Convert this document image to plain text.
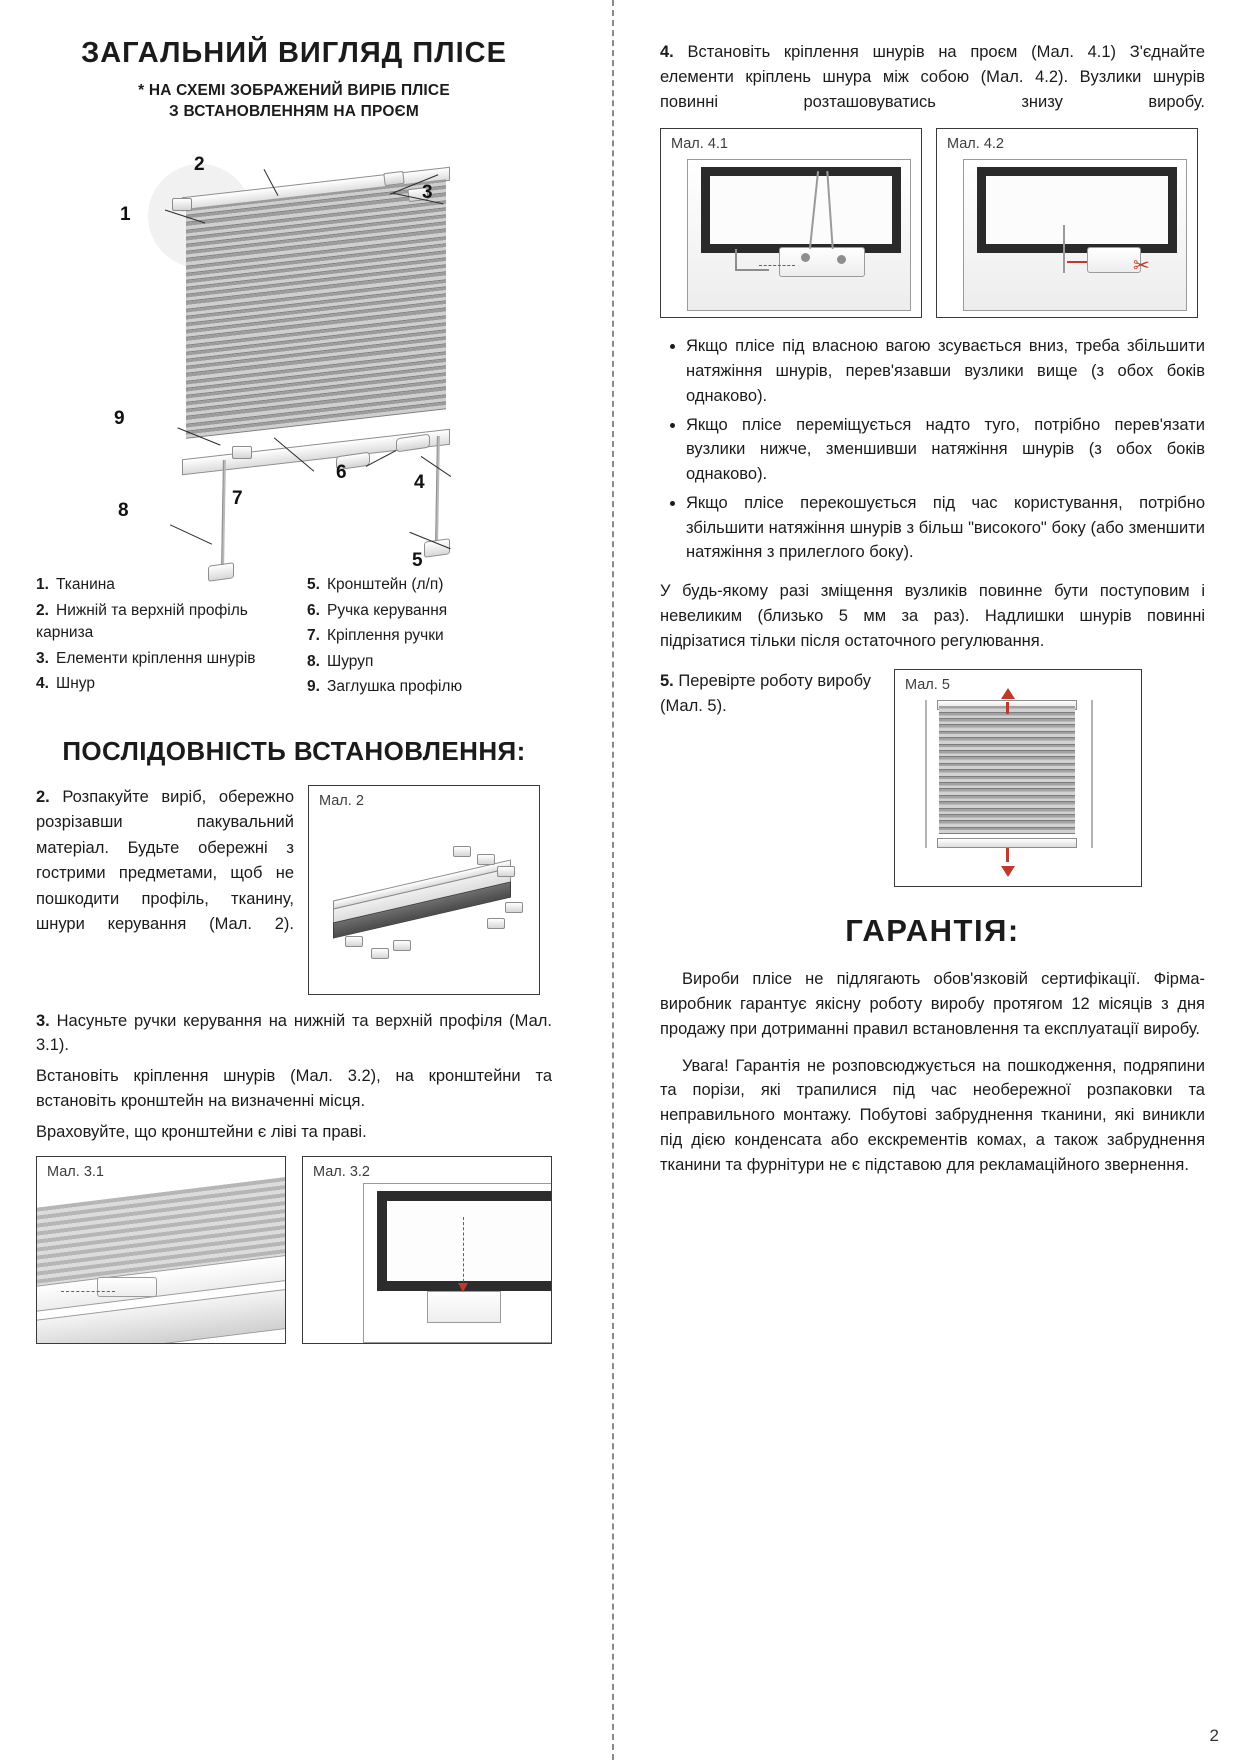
ЗАГАЛЬНИЙ ВИГЛЯД ПЛІСЕ
* НА СХЕМІ ЗОБРАЖЕНИЙ ВИРІБ ПЛІСЕ
З ВСТАНОВЛЕННЯМ НА ПРОЄМ
1
2
3
4
5
6
7
8
9
1. Тканина
2. Нижній та верхній профіль карниза
3. Елементи кріплення шнурів
4. Шнур
5. Кронштейн (л/п)
6. Ручка керування
7. Кріплення ручки
8. Шуруп
9. Заглушка профілю
ПОСЛІДОВНІСТЬ ВСТАНОВЛЕННЯ:
2. Розпакуйте виріб, обережно розрізавши пакувальний матеріал. Будьте обережні з гострими предметами, щоб не пошкодити профіль, тканину, шнури керування (Мал. 2).
Мал. 2

3. Насуньте ручки керування на нижній та верхній профіля (Мал. 3.1).

Встановіть кріплення шнурів (Мал. 3.2), на кронштейни та встановіть кронштейн на визначенні місця.

Враховуйте, що кронштейни є ліві та праві.

Мал. 3.1	Мал. 3.2

4. Встановіть кріплення шнурів на проєм (Мал. 4.1) З'єднайте елементи кріплень шнура між собою (Мал. 4.2). Вузлики шнурів повинні розташовуватись знизу виробу.

Мал. 4.1	Мал. 4.2
✂
• Якщо пліcе під власною вагою зсувається вниз, треба збільшити натяжіння шнурів, перев'язавши вузлики вище (з обох боків однаково).
• Якщо пліcе переміщується надто туго, потрібно перев'язати вузлики нижче, зменшивши натяжіння шнурів (з обох боків однаково).
• Якщо пліcе перекошується під час користування, потрібно збільшити натяжіння шнурів з більш "високого" боку (або зменшити натяжіння з прилеглого боку).

У будь-якому разі зміщення вузликів повинне бути поступовим і невеликим (близько 5 мм за раз). Надлишки шнурів повинні підрізатися тільки після остаточного регулювання.

5. Перевірте роботу виробу (Мал. 5).
Мал. 5
ГАРАНТІЯ:

Вироби пліcе не підлягають обов'язковій сертифікації. Фірма-виробник гарантує якісну роботу виробу протягом 12 місяців з дня продажу при дотриманні правил встановлення та експлуатації виробу.

Увага! Гарантія не розповсюджується на пошкодження, подряпини та порізи, які трапилися під час необережної розпаковки та неправильного монтажу. Побутові забруднення тканини, які виникли під дією конденсата або екскрементів комах, а також забруднення тканини та фурнітури не є підставою для рекламаційного звернення.

2
